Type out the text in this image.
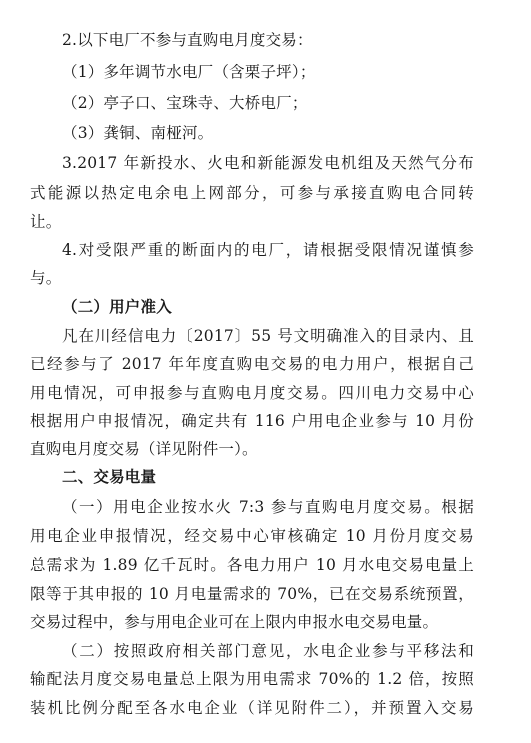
2.以下电厂不参与直购电月度交易：
（1）多年调节水电厂（含栗子坪）；
（2）亭子口、宝珠寺、大桥电厂；
（3）龚铜、南桠河。
3.2017 年新投水、火电和新能源发电机组及天然气分布
式能源以热定电余电上网部分，可参与承接直购电合同转
让。
4.对受限严重的断面内的电厂，请根据受限情况谨慎参
与。
（二）用户准入
凡在川经信电力〔2017〕55 号文明确准入的目录内、且
已经参与了 2017 年年度直购电交易的电力用户，根据自己
用电情况，可申报参与直购电月度交易。四川电力交易中心
根据用户申报情况，确定共有 116 户用电企业参与 10 月份
直购电月度交易（详见附件一）。
二、交易电量
（一）用电企业按水火 7:3 参与直购电月度交易。根据
用电企业申报情况，经交易中心审核确定 10 月份月度交易
总需求为 1.89 亿千瓦时。各电力用户 10 月水电交易电量上
限等于其申报的 10 月电量需求的 70%，已在交易系统预置，
交易过程中，参与用电企业可在上限内申报水电交易电量。
（二）按照政府相关部门意见，水电企业参与平移法和
输配法月度交易电量总上限为用电需求 70%的 1.2 倍，按照
装机比例分配至各水电企业（详见附件二），并预置入交易
